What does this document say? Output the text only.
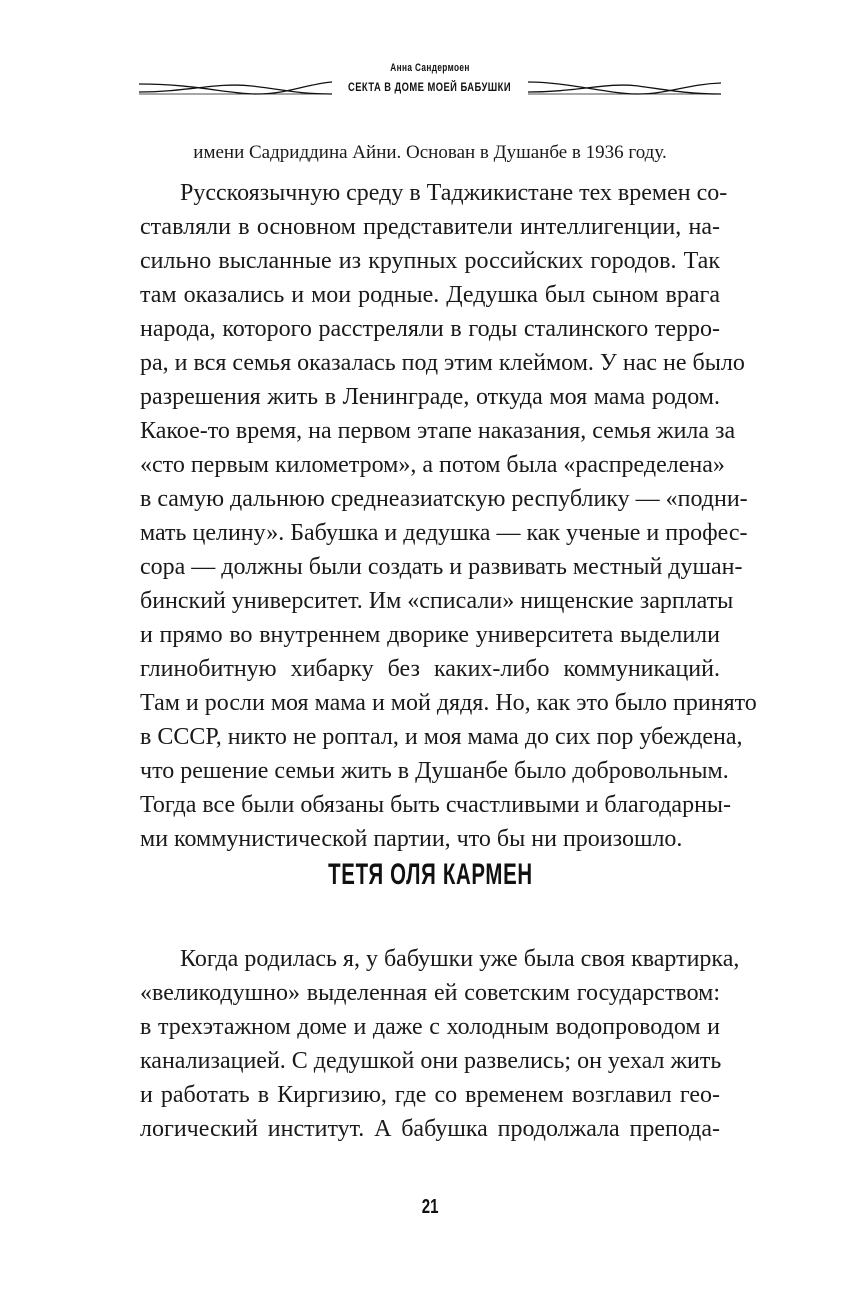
Анна Сандермоен
СЕКТА В ДОМЕ МОЕЙ БАБУШКИ
имени Садриддина Айни. Основан в Душанбе в 1936 году.
Русскоязычную среду в Таджикистане тех времен со-
ставляли в основном представители интеллигенции, на-
сильно высланные из крупных российских городов. Так
там оказались и мои родные. Дедушка был сыном врага
народа, которого расстреляли в годы сталинского терро-
ра, и вся семья оказалась под этим клеймом. У нас не было
разрешения жить в Ленинграде, откуда моя мама родом.
Какое-то время, на первом этапе наказания, семья жила за
«сто первым километром», а потом была «распределена»
в самую дальнюю среднеазиатскую республику — «подни-
мать целину». Бабушка и дедушка — как ученые и профес-
сора — должны были создать и развивать местный душан-
бинский университет. Им «списали» нищенские зарплаты
и прямо во внутреннем дворике университета выделили
глинобитную хибарку без каких-либо коммуникаций.
Там и росли моя мама и мой дядя. Но, как это было принято
в СССР, никто не роптал, и моя мама до сих пор убеждена,
что решение семьи жить в Душанбе было добровольным.
Тогда все были обязаны быть счастливыми и благодарны-
ми коммунистической партии, что бы ни произошло.
ТЕТЯ ОЛЯ КАРМЕН
Когда родилась я, у бабушки уже была своя квартирка,
«великодушно» выделенная ей советским государством:
в трехэтажном доме и даже с холодным водопроводом и
канализацией. С дедушкой они развелись; он уехал жить
и работать в Киргизию, где со временем возглавил гео-
логический институт. А бабушка продолжала препода-
21
